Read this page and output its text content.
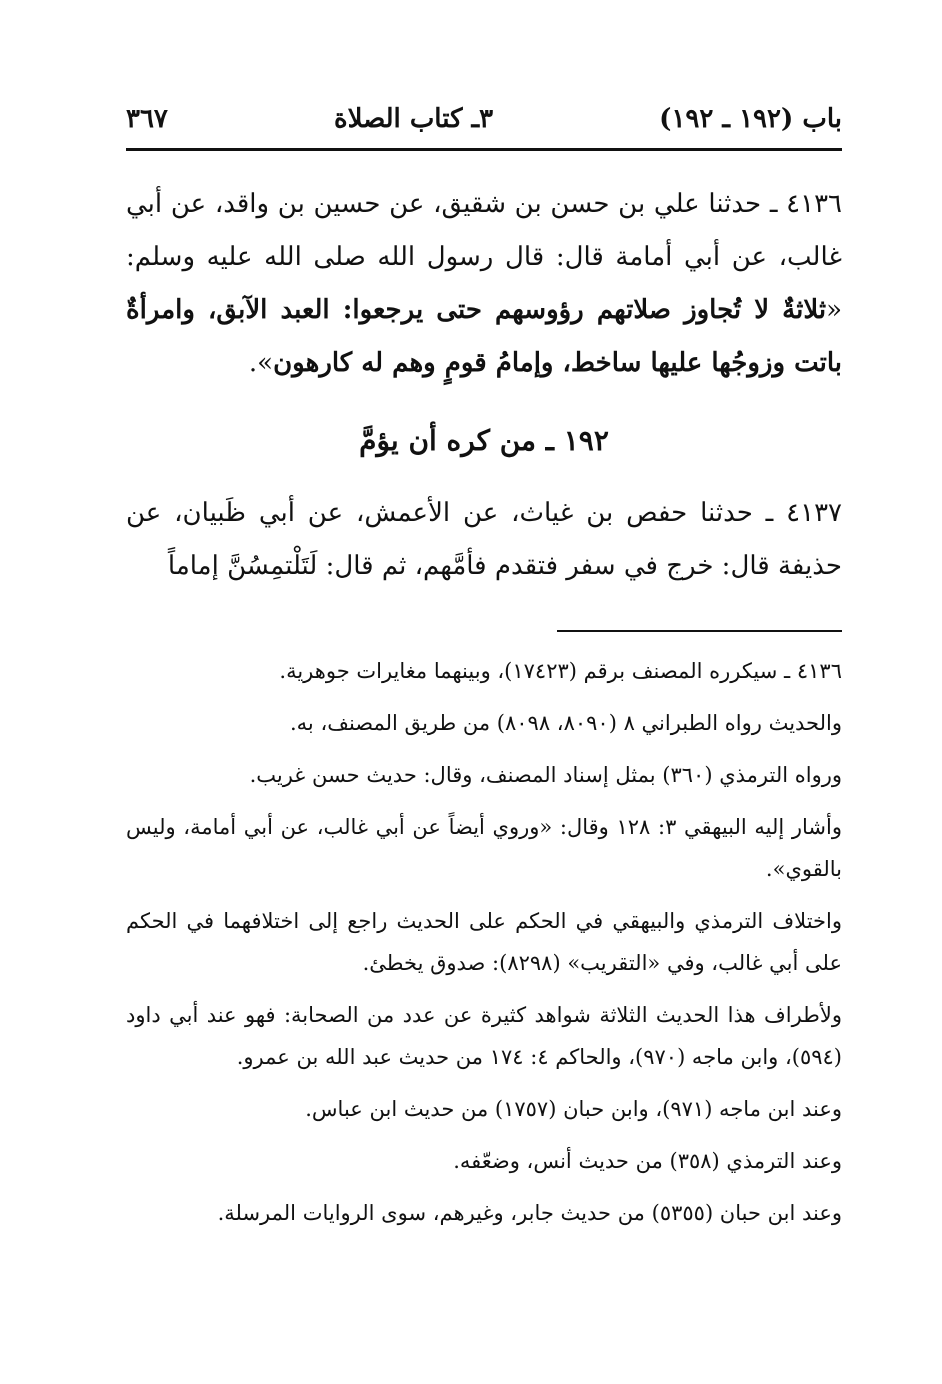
باب (١٩٢ ـ ١٩٢)
٣ـ كتاب الصلاة
٣٦٧

٤١٣٦ ـ حدثنا علي بن حسن بن شقيق، عن حسين بن واقد، عن أبي غالب، عن أبي أمامة قال: قال رسول الله صلى الله عليه وسلم: «ثلاثةٌ لا تُجاوز صلاتهم رؤوسهم حتى يرجعوا: العبد الآبق، وامرأةٌ باتت وزوجُها عليها ساخط، وإمامُ قومٍ وهم له كارهون».

١٩٢ ـ من كره أن يؤمَّ

٤١٣٧ ـ حدثنا حفص بن غياث، عن الأعمش، عن أبي ظَبيان، عن حذيفة قال: خرج في سفر فتقدم فأمَّهم، ثم قال: لَتَلْتمِسُنَّ إماماً

٤١٣٦ ـ سيكرره المصنف برقم (١٧٤٢٣)، وبينهما مغايرات جوهرية.

والحديث رواه الطبراني ٨ (٨٠٩٠، ٨٠٩٨) من طريق المصنف، به.

ورواه الترمذي (٣٦٠) بمثل إسناد المصنف، وقال: حديث حسن غريب.

وأشار إليه البيهقي ٣: ١٢٨ وقال: «وروي أيضاً عن أبي غالب، عن أبي أمامة، وليس بالقوي».

واختلاف الترمذي والبيهقي في الحكم على الحديث راجع إلى اختلافهما في الحكم على أبي غالب، وفي «التقريب» (٨٢٩٨): صدوق يخطئ.

ولأطراف هذا الحديث الثلاثة شواهد كثيرة عن عدد من الصحابة: فهو عند أبي داود (٥٩٤)، وابن ماجه (٩٧٠)، والحاكم ٤: ١٧٤ من حديث عبد الله بن عمرو.

وعند ابن ماجه (٩٧١)، وابن حبان (١٧٥٧) من حديث ابن عباس.

وعند الترمذي (٣٥٨) من حديث أنس، وضعّفه.

وعند ابن حبان (٥٣٥٥) من حديث جابر، وغيرهم، سوى الروايات المرسلة.
